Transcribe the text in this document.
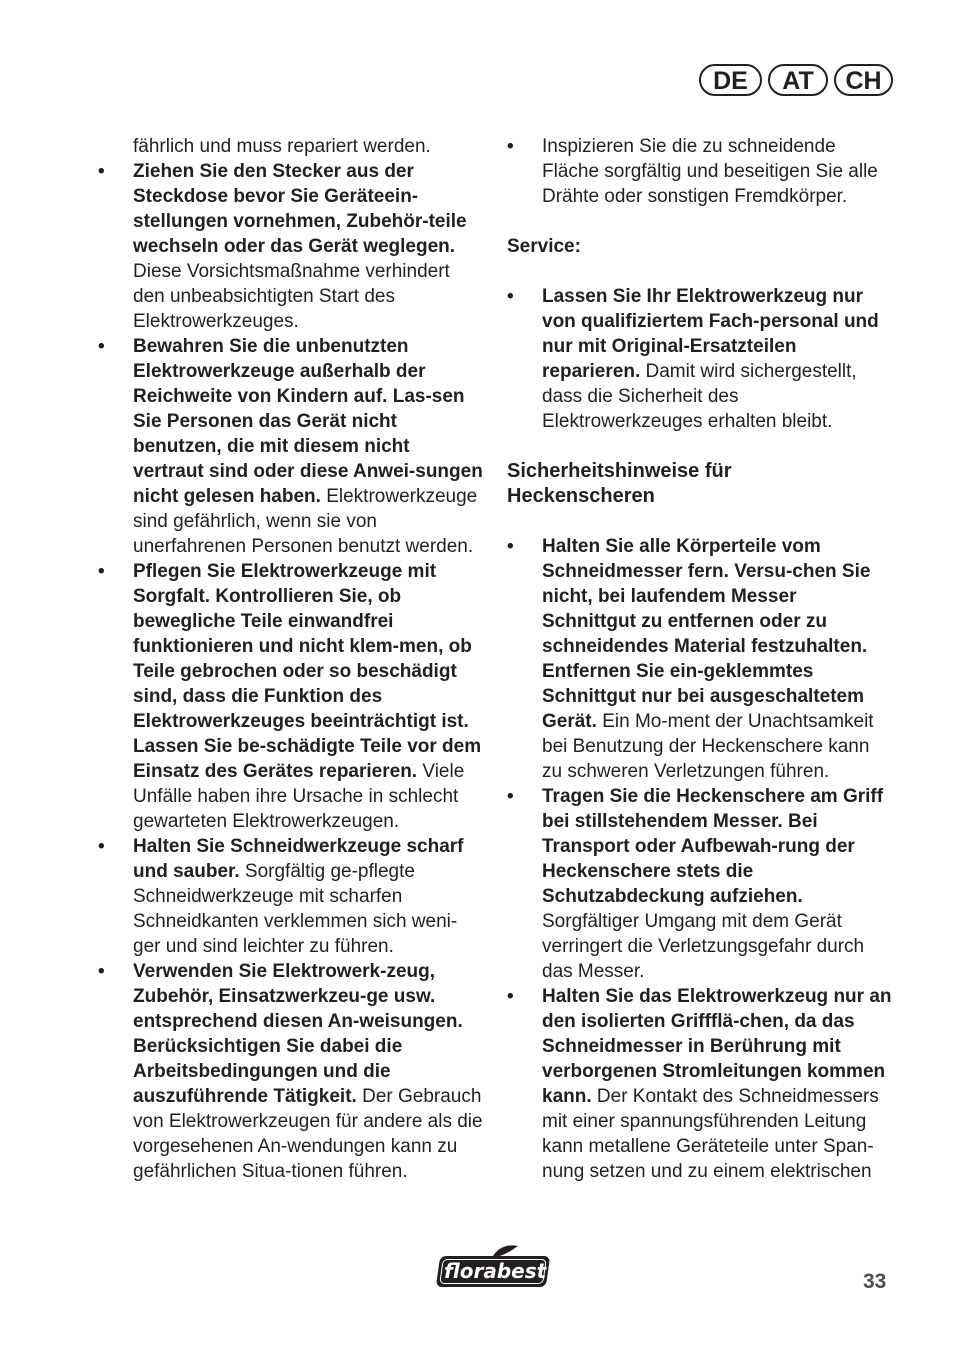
DE	AT	CH
fährlich und muss repariert werden.
• Ziehen Sie den Stecker aus der Steckdose bevor Sie Geräteein-stellungen vornehmen, Zubehör-teile wechseln oder das Gerät weglegen. Diese Vorsichtsmaßnahme verhindert den unbeabsichtigten Start des Elektrowerkzeuges.
• Bewahren Sie die unbenutzten Elektrowerkzeuge außerhalb der Reichweite von Kindern auf. Las-sen Sie Personen das Gerät nicht benutzen, die mit diesem nicht vertraut sind oder diese Anwei-sungen nicht gelesen haben. Elektrowerkzeuge sind gefährlich, wenn sie von unerfahrenen Personen benutzt werden.
• Pflegen Sie Elektrowerkzeuge mit Sorgfalt. Kontrollieren Sie, ob bewegliche Teile einwandfrei funktionieren und nicht klem-men, ob Teile gebrochen oder so beschädigt sind, dass die Funktion des Elektrowerkzeuges beeinträchtigt ist. Lassen Sie be-schädigte Teile vor dem Einsatz des Gerätes reparieren. Viele Unfälle haben ihre Ursache in schlecht gewarteten Elektrowerkzeugen.
• Halten Sie Schneidwerkzeuge scharf und sauber. Sorgfältig ge-pflegte Schneidwerkzeuge mit scharfen Schneidkanten verklemmen sich weni-ger und sind leichter zu führen.
• Verwenden Sie Elektrowerk-zeug, Zubehör, Einsatzwerkzeu-ge usw. entsprechend diesen An-weisungen. Berücksichtigen Sie dabei die Arbeitsbedingungen und die auszuführende Tätigkeit. Der Gebrauch von Elektrowerkzeugen für andere als die vorgesehenen An-wendungen kann zu gefährlichen Situa-tionen führen.
• Inspizieren Sie die zu schneidende Fläche sorgfältig und beseitigen Sie alle Drähte oder sonstigen Fremdkörper.
Service:
• Lassen Sie Ihr Elektrowerkzeug nur von qualifiziertem Fach-personal und nur mit Original-Ersatzteilen reparieren. Damit wird sichergestellt, dass die Sicherheit des Elektrowerkzeuges erhalten bleibt.
Sicherheitshinweise für
Heckenscheren
• Halten Sie alle Körperteile vom Schneidmesser fern. Versu-chen Sie nicht, bei laufendem Messer Schnittgut zu entfernen oder zu schneidendes Material festzuhalten. Entfernen Sie ein-geklemmtes Schnittgut nur bei ausgeschaltetem Gerät. Ein Mo-ment der Unachtsamkeit bei Benutzung der Heckenschere kann zu schweren Verletzungen führen.
• Tragen Sie die Heckenschere am Griff bei stillstehendem Messer. Bei Transport oder Aufbewah-rung der Heckenschere stets die Schutzabdeckung aufziehen. Sorgfältiger Umgang mit dem Gerät verringert die Verletzungsgefahr durch das Messer.
• Halten Sie das Elektrowerkzeug nur an den isolierten Griffflä-chen, da das Schneidmesser in Berührung mit verborgenen Stromleitungen kommen kann. Der Kontakt des Schneidmessers mit einer spannungsführenden Leitung kann metallene Geräteteile unter Span-nung setzen und zu einem elektrischen
florabest	33
